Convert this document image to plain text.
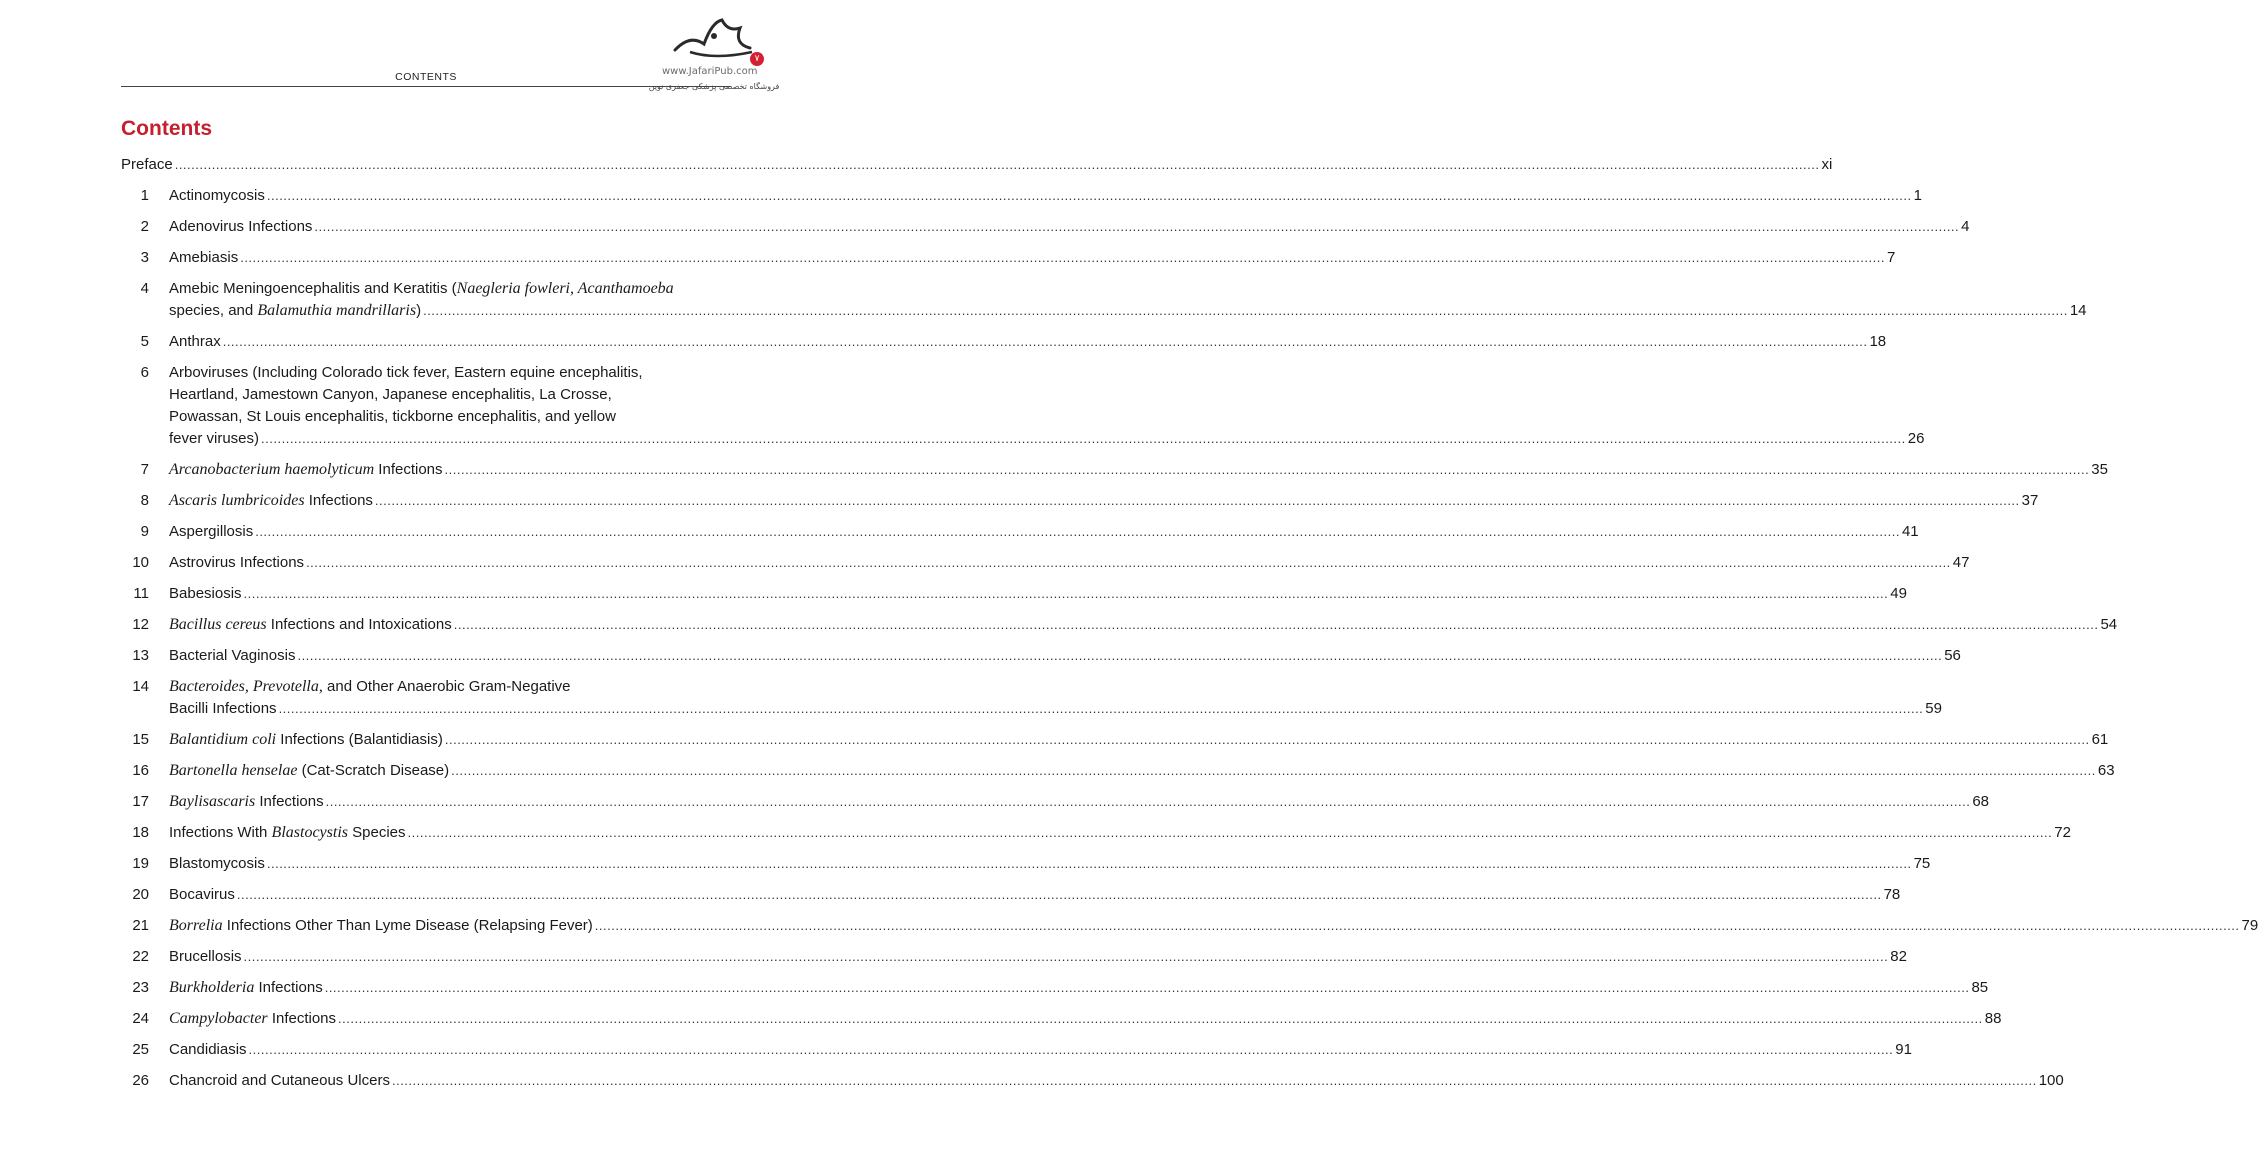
۷
www.JafariPub.com
فروشگاه تخصصی پزشکی جعفری نوین
CONTENTS
Contents
Preface ................................................................................................................................................................................................................................................................................................................................................................................................................ xi
1 Actinomycosis ................................................................................................................................................................................................................................................................................................................................................................................................................ 1
2 Adenovirus Infections ................................................................................................................................................................................................................................................................................................................................................................................................................ 4
3 Amebiasis ................................................................................................................................................................................................................................................................................................................................................................................................................ 7
4 Amebic Meningoencephalitis and Keratitis (Naegleria fowleri, Acanthamoeba
species, and Balamuthia mandrillaris) ................................................................................................................................................................................................................................................................................................................................................................................................................ 14
5 Anthrax ................................................................................................................................................................................................................................................................................................................................................................................................................ 18
6 Arboviruses (Including Colorado tick fever, Eastern equine encephalitis,
Heartland, Jamestown Canyon, Japanese encephalitis, La Crosse,
Powassan, St Louis encephalitis, tickborne encephalitis, and yellow
fever viruses) ................................................................................................................................................................................................................................................................................................................................................................................................................ 26
7 Arcanobacterium haemolyticum Infections ................................................................................................................................................................................................................................................................................................................................................................................................................ 35
8 Ascaris lumbricoides Infections ................................................................................................................................................................................................................................................................................................................................................................................................................ 37
9 Aspergillosis ................................................................................................................................................................................................................................................................................................................................................................................................................ 41
10 Astrovirus Infections ................................................................................................................................................................................................................................................................................................................................................................................................................ 47
11 Babesiosis ................................................................................................................................................................................................................................................................................................................................................................................................................ 49
12 Bacillus cereus Infections and Intoxications ................................................................................................................................................................................................................................................................................................................................................................................................................ 54
13 Bacterial Vaginosis ................................................................................................................................................................................................................................................................................................................................................................................................................ 56
14 Bacteroides, Prevotella, and Other Anaerobic Gram-Negative
Bacilli Infections ................................................................................................................................................................................................................................................................................................................................................................................................................ 59
15 Balantidium coli Infections (Balantidiasis) ................................................................................................................................................................................................................................................................................................................................................................................................................ 61
16 Bartonella henselae (Cat-Scratch Disease) ................................................................................................................................................................................................................................................................................................................................................................................................................ 63
17 Baylisascaris Infections ................................................................................................................................................................................................................................................................................................................................................................................................................ 68
18 Infections With Blastocystis Species ................................................................................................................................................................................................................................................................................................................................................................................................................ 72
19 Blastomycosis ................................................................................................................................................................................................................................................................................................................................................................................................................ 75
20 Bocavirus ................................................................................................................................................................................................................................................................................................................................................................................................................ 78
21 Borrelia Infections Other Than Lyme Disease (Relapsing Fever) ................................................................................................................................................................................................................................................................................................................................................................................................................ 79
22 Brucellosis ................................................................................................................................................................................................................................................................................................................................................................................................................ 82
23 Burkholderia Infections ................................................................................................................................................................................................................................................................................................................................................................................................................ 85
24 Campylobacter Infections ................................................................................................................................................................................................................................................................................................................................................................................................................ 88
25 Candidiasis ................................................................................................................................................................................................................................................................................................................................................................................................................ 91
26 Chancroid and Cutaneous Ulcers ................................................................................................................................................................................................................................................................................................................................................................................................................ 100
